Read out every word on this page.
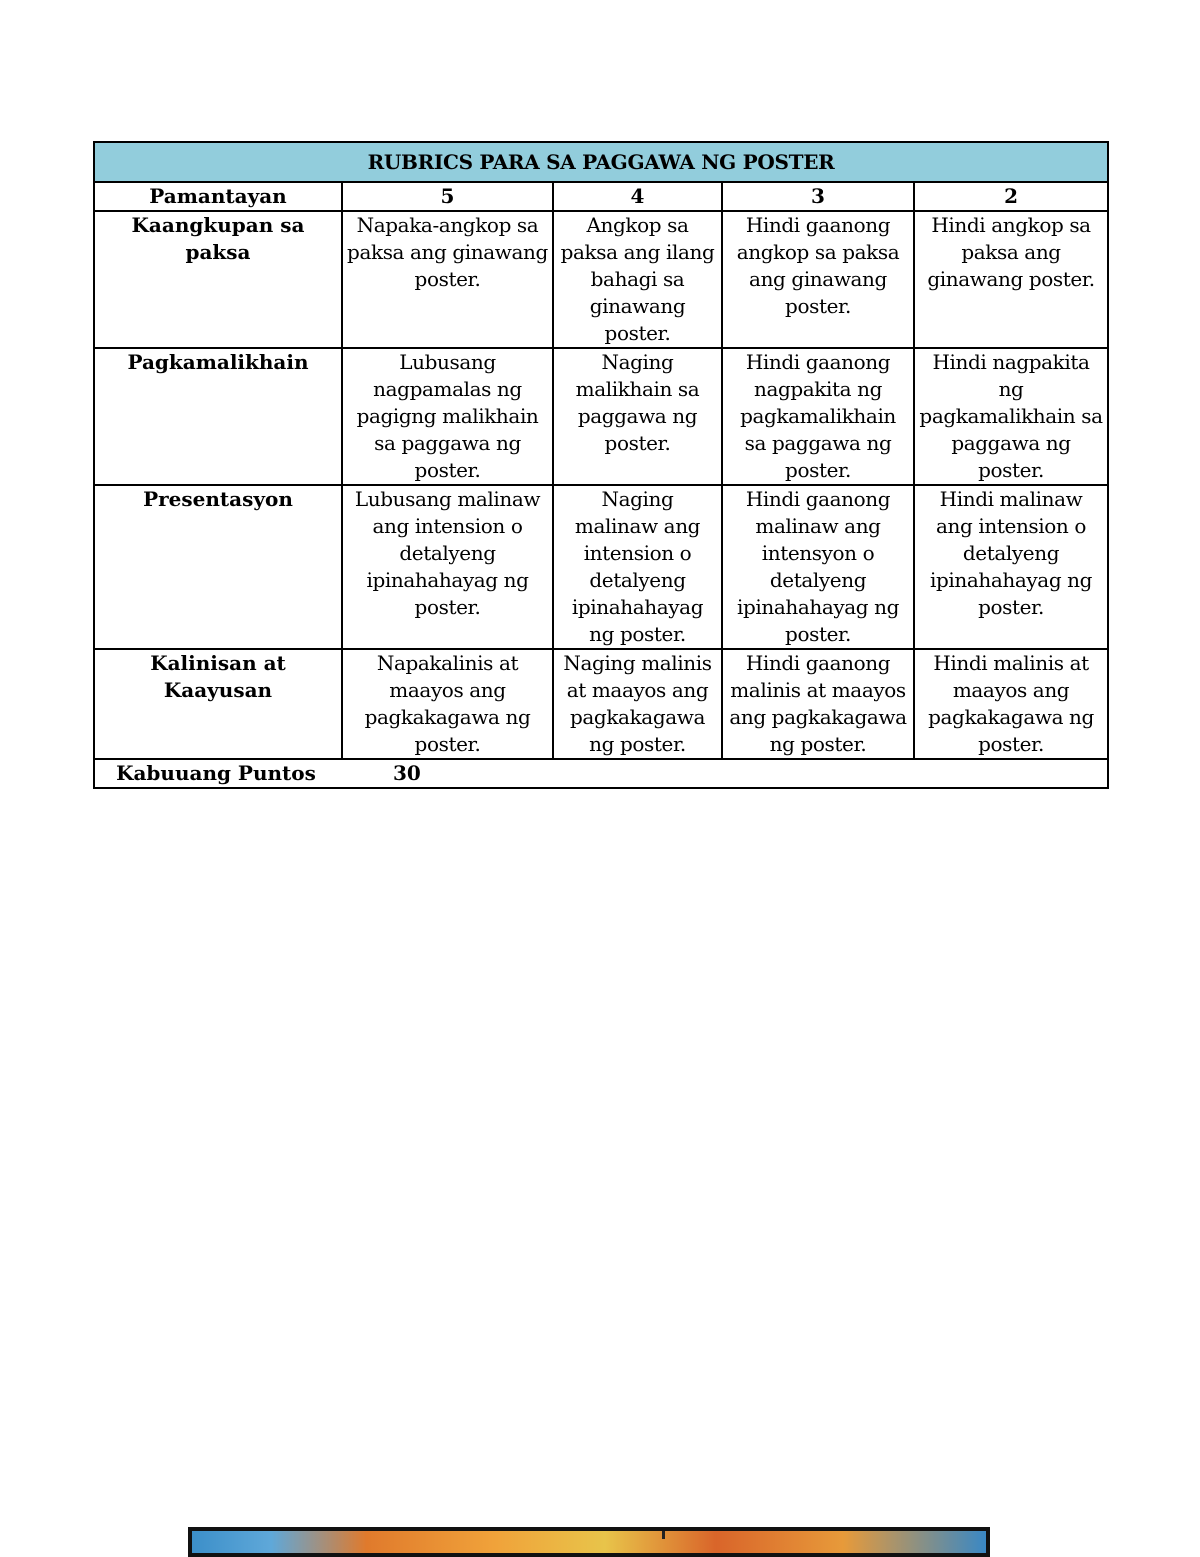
RUBRICS PARA SA PAGGAWA NG POSTER				
Pamantayan	5	4	3	2
Kaangkupan sa paksa	Napaka-angkop sa paksa ang ginawang poster.	Angkop sa paksa ang ilang bahagi sa ginawang poster.	Hindi gaanong angkop sa paksa ang ginawang poster.	Hindi angkop sa paksa ang ginawang poster.
Pagkamalikhain	Lubusang nagpamalas ng pagigng malikhain sa paggawa ng poster.	Naging malikhain sa paggawa ng poster.	Hindi gaanong nagpakita ng pagkamalikhain sa paggawa ng poster.	Hindi nagpakita ng pagkamalikhain sa paggawa ng poster.
Presentasyon	Lubusang malinaw ang intension o detalyeng ipinahahayag ng poster.	Naging malinaw ang intension o detalyeng ipinahahayag ng poster.	Hindi gaanong malinaw ang intensyon o detalyeng ipinahahayag ng poster.	Hindi malinaw ang intension o detalyeng ipinahahayag ng poster.
Kalinisan at Kaayusan	Napakalinis at maayos ang pagkakagawa ng poster.	Naging malinis at maayos ang pagkakagawa ng poster.	Hindi gaanong malinis at maayos ang pagkakagawa ng poster.	Hindi malinis at maayos ang pagkakagawa ng poster.
Kabuuang Puntos 30				
